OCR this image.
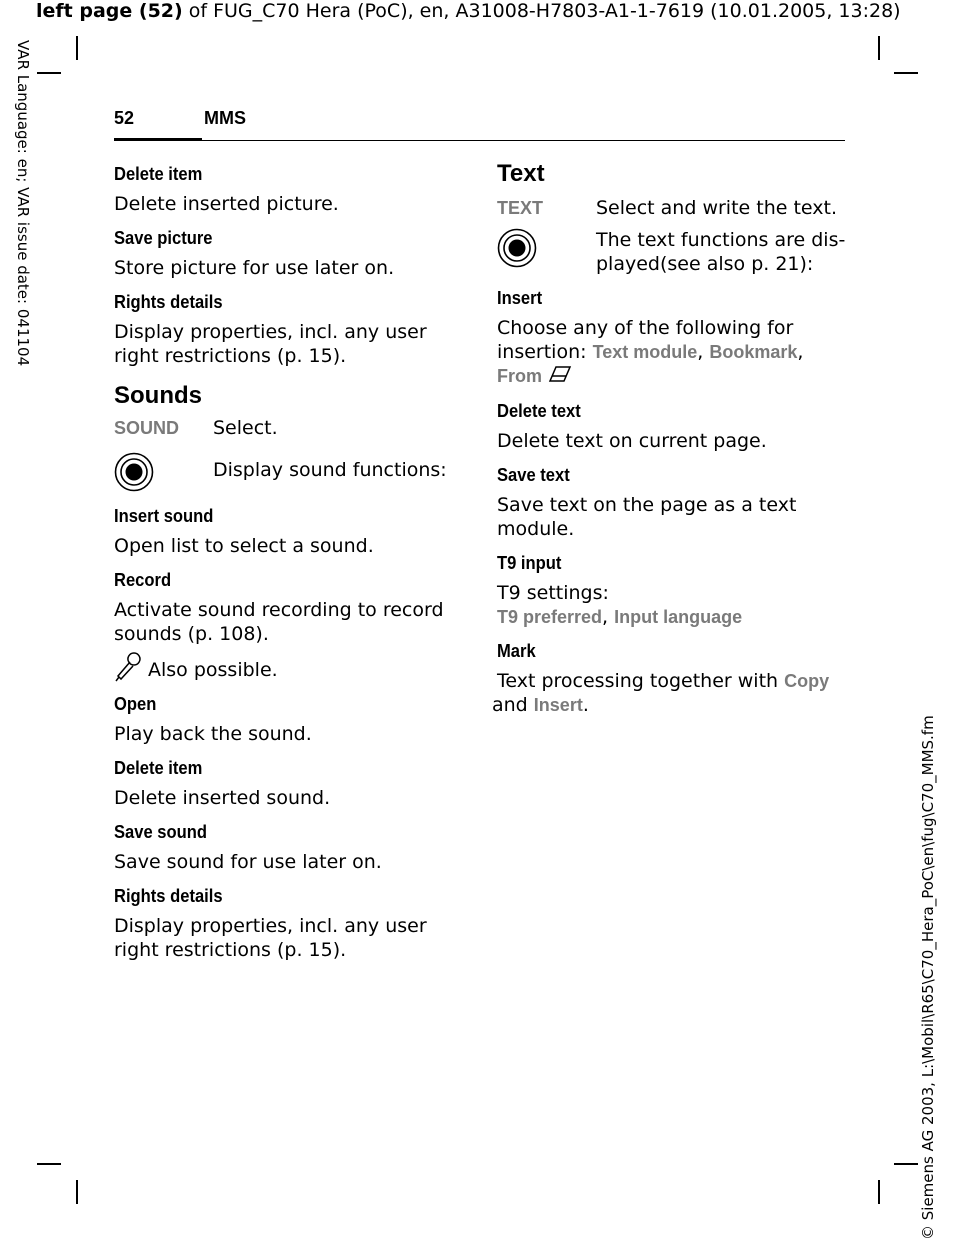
left page (52) of FUG_C70 Hera (PoC), en, A31008-H7803-A1-1-7619 (10.01.2005, 13:28)
VAR Language: en; VAR issue date: 041104
© Siemens AG 2003, L:\Mobil\R65\C70_Hera_PoC\en\fug\C70_MMS.fm
52	MMS
Delete item
Delete inserted picture.
Save picture
Store picture for use later on.
Rights details
Display properties, incl. any user right restrictions (p. 15).
Sounds
SOUND	Select.
Display sound functions:
Insert sound
Open list to select a sound.
Record
Activate sound recording to record sounds (p. 108).
Also possible.
Open
Play back the sound.
Delete item
Delete inserted sound.
Save sound
Save sound for use later on.
Rights details
Display properties, incl. any user right restrictions (p. 15).
Text
TEXT	Select and write the text.
The text functions are dis-played(see also p. 21):
Insert
Choose any of the following for insertion: Text module, Bookmark,
From
Delete text
Delete text on current page.
Save text
Save text on the page as a text module.
T9 input
T9 settings:
T9 preferred, Input language
Mark
Text processing together with Copy
and Insert.
